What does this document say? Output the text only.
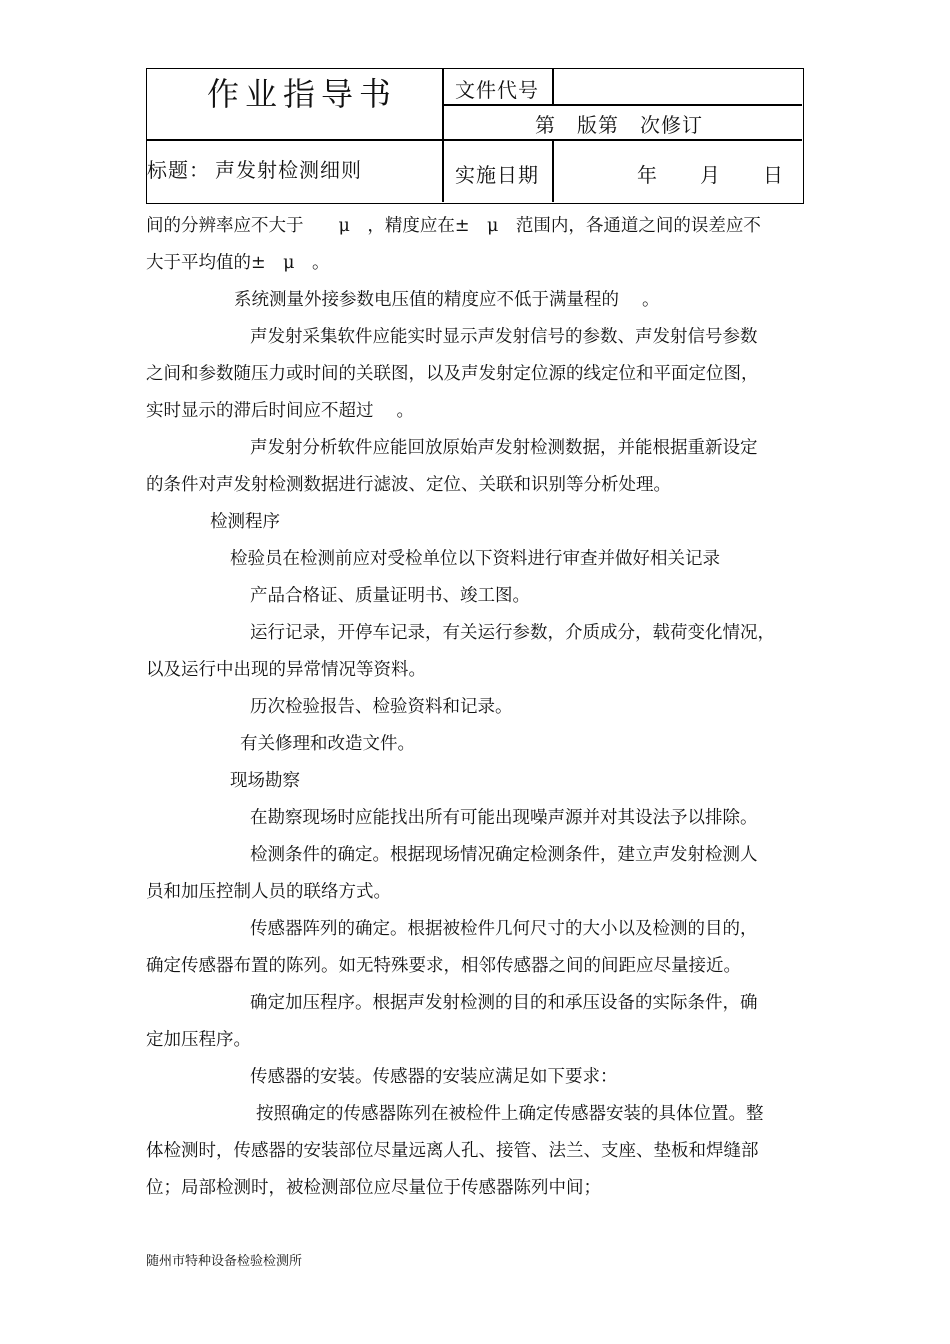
作业指导书	文件代号
第　版第　次修订
标题： 声发射检测细则	实施日期	年　　月　　日
间的分辨率应不大于　　μ　，精度应在±　μ　范围内，各通道之间的误差应不
大于平均值的±　μ　。
系统测量外接参数电压值的精度应不低于满量程的　 。
声发射采集软件应能实时显示声发射信号的参数、声发射信号参数
之间和参数随压力或时间的关联图，以及声发射定位源的线定位和平面定位图，
实时显示的滞后时间应不超过　 。
声发射分析软件应能回放原始声发射检测数据，并能根据重新设定
的条件对声发射检测数据进行滤波、定位、关联和识别等分析处理。
检测程序
检验员在检测前应对受检单位以下资料进行审查并做好相关记录
产品合格证、质量证明书、竣工图。
运行记录，开停车记录，有关运行参数，介质成分，载荷变化情况，
以及运行中出现的异常情况等资料。
历次检验报告、检验资料和记录。
有关修理和改造文件。
现场勘察
在勘察现场时应能找出所有可能出现噪声源并对其设法予以排除。
检测条件的确定。根据现场情况确定检测条件，建立声发射检测人
员和加压控制人员的联络方式。
传感器阵列的确定。根据被检件几何尺寸的大小以及检测的目的，
确定传感器布置的陈列。如无特殊要求，相邻传感器之间的间距应尽量接近。
确定加压程序。根据声发射检测的目的和承压设备的实际条件，确
定加压程序。
传感器的安装。传感器的安装应满足如下要求：
按照确定的传感器陈列在被检件上确定传感器安装的具体位置。整
体检测时，传感器的安装部位尽量远离人孔、接管、法兰、支座、垫板和焊缝部
位；局部检测时，被检测部位应尽量位于传感器陈列中间；
随州市特种设备检验检测所
